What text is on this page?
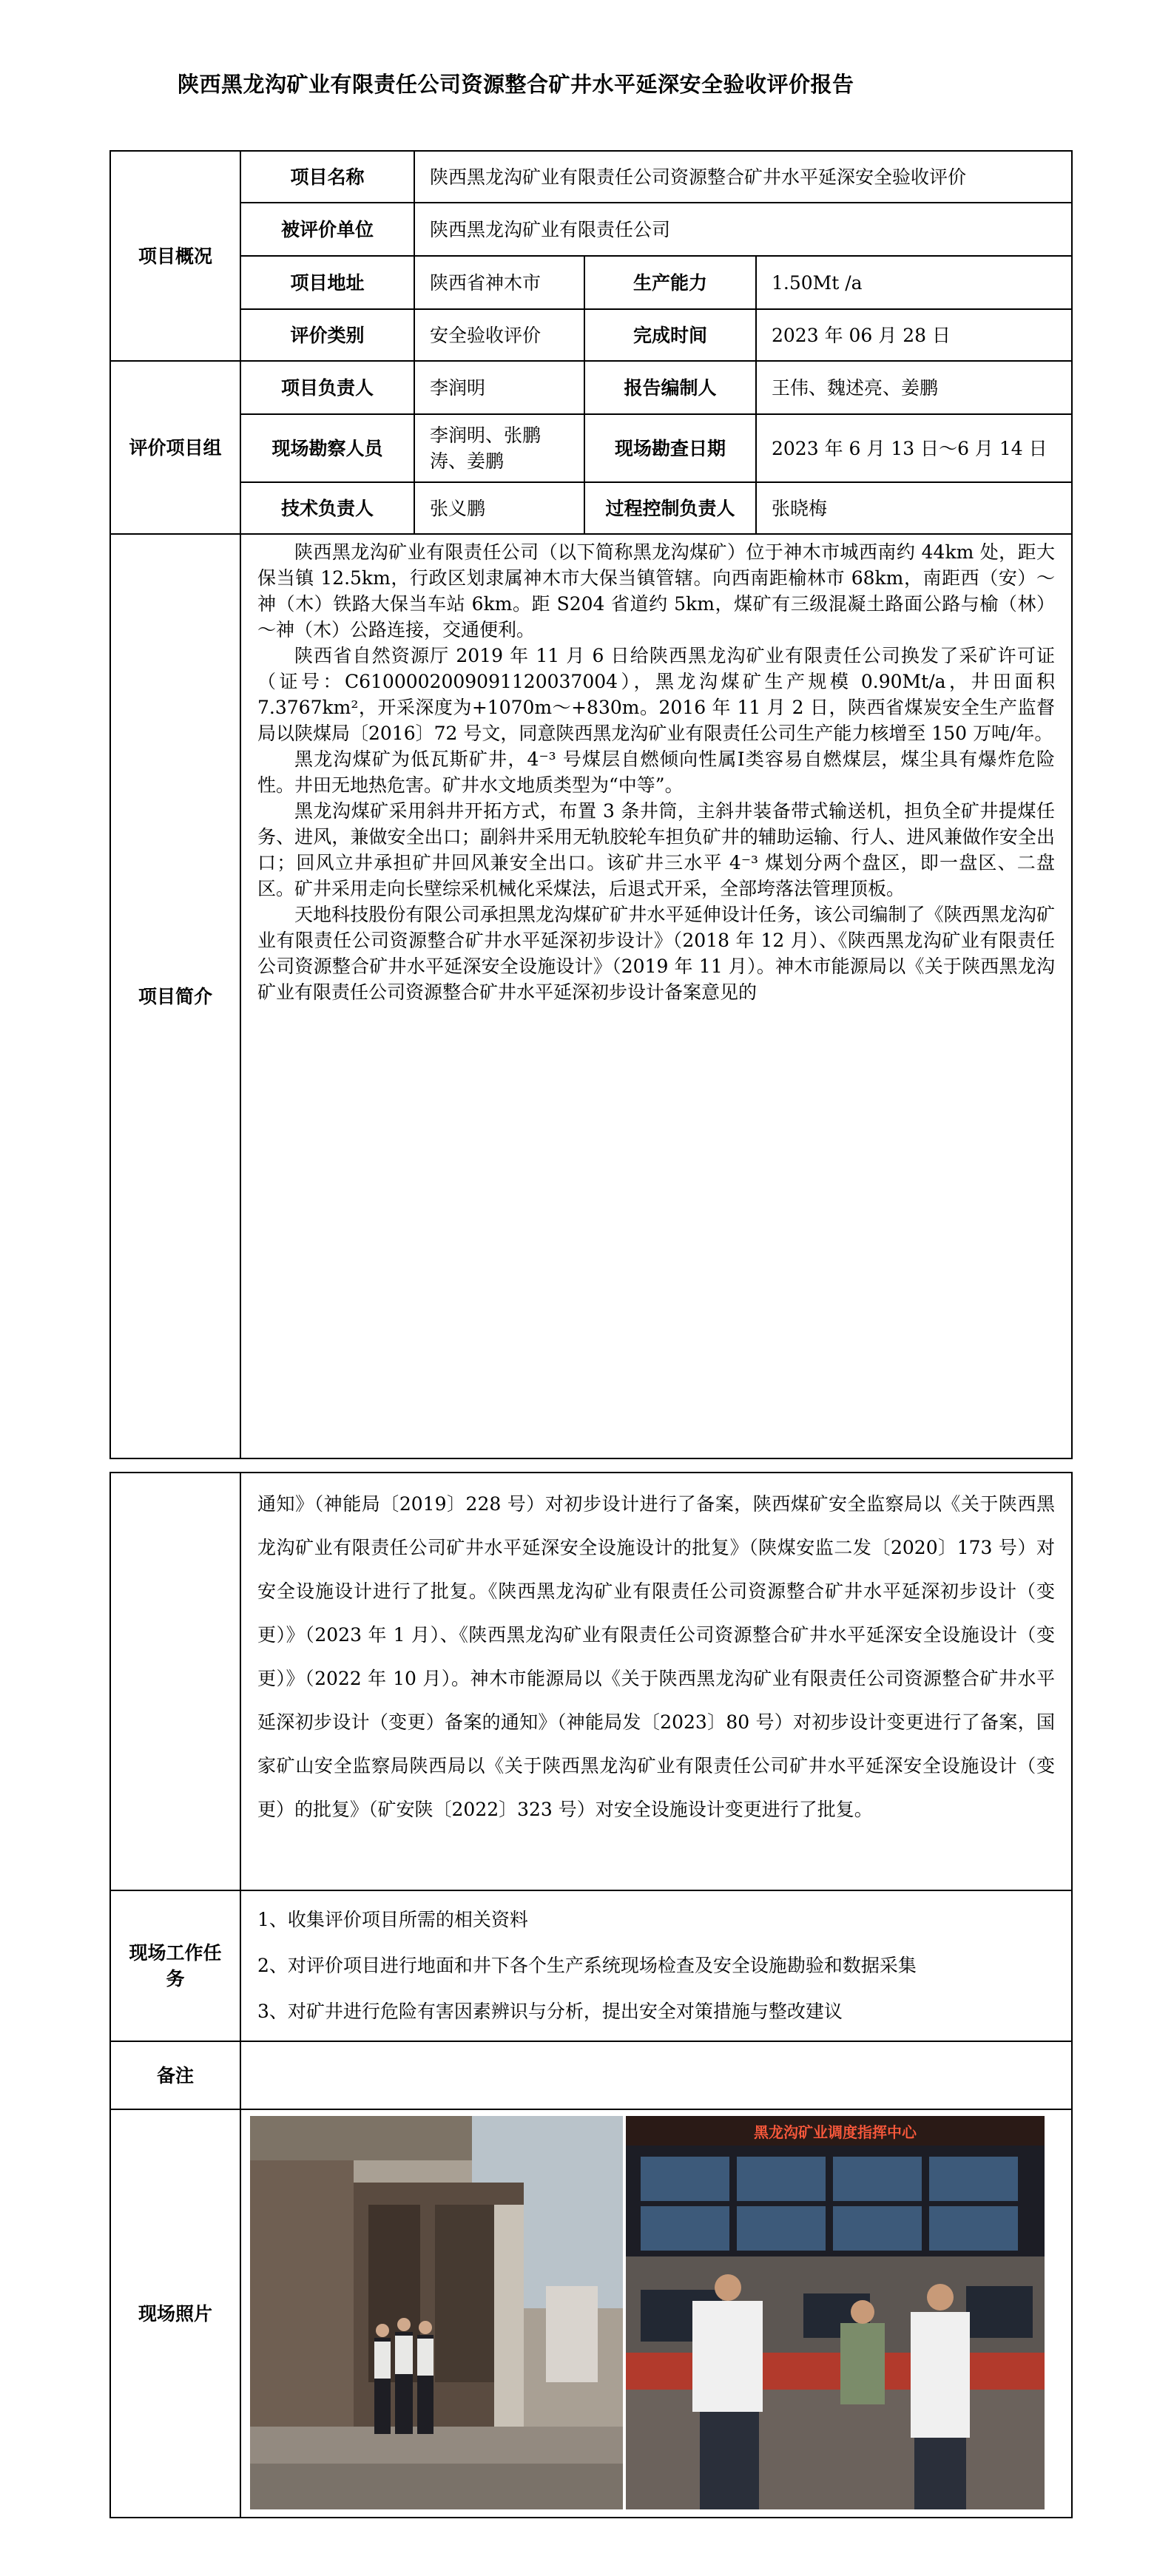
陕西黑龙沟矿业有限责任公司资源整合矿井水平延深安全验收评价报告
项目概况	项目名称	陕西黑龙沟矿业有限责任公司资源整合矿井水平延深安全验收评价		
	被评价单位	陕西黑龙沟矿业有限责任公司		
	项目地址	陕西省神木市	生产能力	1.50Mt /a
	评价类别	安全验收评价	完成时间	2023 年 06 月 28 日
评价项目组	项目负责人	李润明	报告编制人	王伟、魏述亮、姜鹏
	现场勘察人员	李润明、张鹏涛、姜鹏	现场勘查日期	2023 年 6 月 13 日～6 月 14 日
	技术负责人	张义鹏	过程控制负责人	张晓梅
项目简介	陕西黑龙沟矿业有限责任公司（以下简称黑龙沟煤矿）位于神木市城西南约 44km 处，距大保当镇 12.5km，行政区划隶属神木市大保当镇管辖。向西南距榆林市 68km，南距西（安）～神（木）铁路大保当车站 6km。距 S204 省道约 5km，煤矿有三级混凝土路面公路与榆（林）～神（木）公路连接，交通便利。

陕西省自然资源厅 2019 年 11 月 6 日给陕西黑龙沟矿业有限责任公司换发了采矿许可证（证号：C6100002009091120037004），黑龙沟煤矿生产规模 0.90Mt/a，井田面积 7.3767km²，开采深度为+1070m～+830m。2016 年 11 月 2 日，陕西省煤炭安全生产监督局以陕煤局〔2016〕72 号文，同意陕西黑龙沟矿业有限责任公司生产能力核增至 150 万吨/年。

黑龙沟煤矿为低瓦斯矿井，4⁻³ 号煤层自燃倾向性属Ⅰ类容易自燃煤层，煤尘具有爆炸危险性。井田无地热危害。矿井水文地质类型为“中等”。

黑龙沟煤矿采用斜井开拓方式，布置 3 条井筒，主斜井装备带式输送机，担负全矿井提煤任务、进风，兼做安全出口；副斜井采用无轨胶轮车担负矿井的辅助运输、行人、进风兼做作安全出口；回风立井承担矿井回风兼安全出口。该矿井三水平 4⁻³ 煤划分两个盘区，即一盘区、二盘区。矿井采用走向长壁综采机械化采煤法，后退式开采，全部垮落法管理顶板。

天地科技股份有限公司承担黑龙沟煤矿矿井水平延伸设计任务，该公司编制了《陕西黑龙沟矿业有限责任公司资源整合矿井水平延深初步设计》（2018 年 12 月）、《陕西黑龙沟矿业有限责任公司资源整合矿井水平延深安全设施设计》（2019 年 11 月）。神木市能源局以《关于陕西黑龙沟矿业有限责任公司资源整合矿井水平延深初步设计备案意见的			

	通知》（神能局〔2019〕228 号）对初步设计进行了备案，陕西煤矿安全监察局以《关于陕西黑龙沟矿业有限责任公司矿井水平延深安全设施设计的批复》（陕煤安监二发〔2020〕173 号）对安全设施设计进行了批复。《陕西黑龙沟矿业有限责任公司资源整合矿井水平延深初步设计（变更）》（2023 年 1 月）、《陕西黑龙沟矿业有限责任公司资源整合矿井水平延深安全设施设计（变更）》（2022 年 10 月）。神木市能源局以《关于陕西黑龙沟矿业有限责任公司资源整合矿井水平延深初步设计（变更）备案的通知》（神能局发〔2023〕80 号）对初步设计变更进行了备案，国家矿山安全监察局陕西局以《关于陕西黑龙沟矿业有限责任公司矿井水平延深安全设施设计（变更）的批复》（矿安陕〔2022〕323 号）对安全设施设计变更进行了批复。

现场工作任务	1、收集评价项目所需的相关资料
2、对评价项目进行地面和井下各个生产系统现场检查及安全设施勘验和数据采集
3、对矿井进行危险有害因素辨识与分析，提出安全对策措施与整改建议

备注	
现场照片	黑龙沟矿业调度指挥中心
